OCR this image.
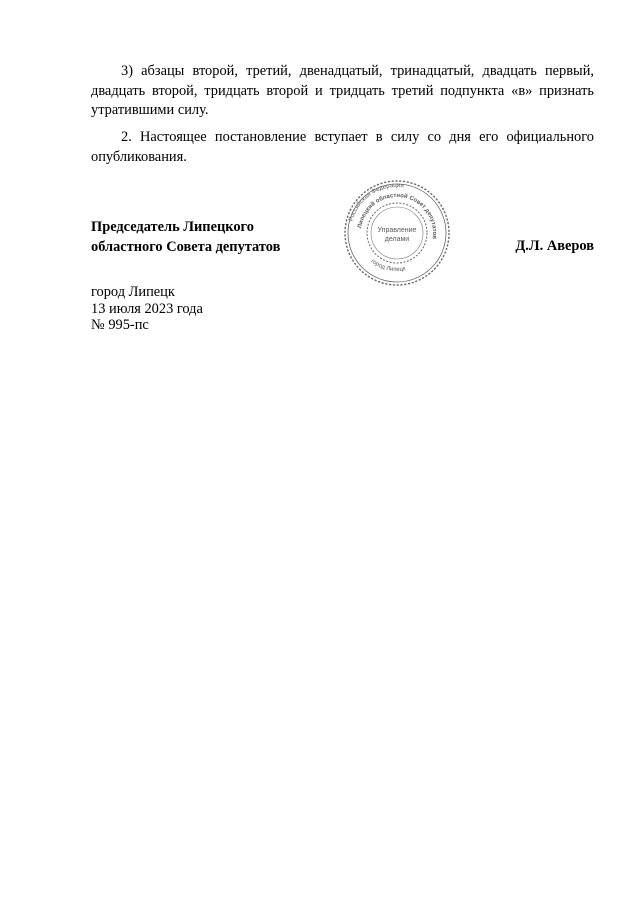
3) абзацы второй, третий, двенадцатый, тринадцатый, двадцать первый, двадцать второй, тридцать второй и тридцать третий подпункта «в» признать утратившими силу.

2. Настоящее постановление вступает в силу со дня его официального опубликования.

Председатель Липецкого
областного Совета депутатов	Д.Л. Аверов
Российская Федерация
Липецкий областной Совет депутатов
город Липецк
Управление
делами
город Липецк
13 июля 2023 года
№ 995-пс
